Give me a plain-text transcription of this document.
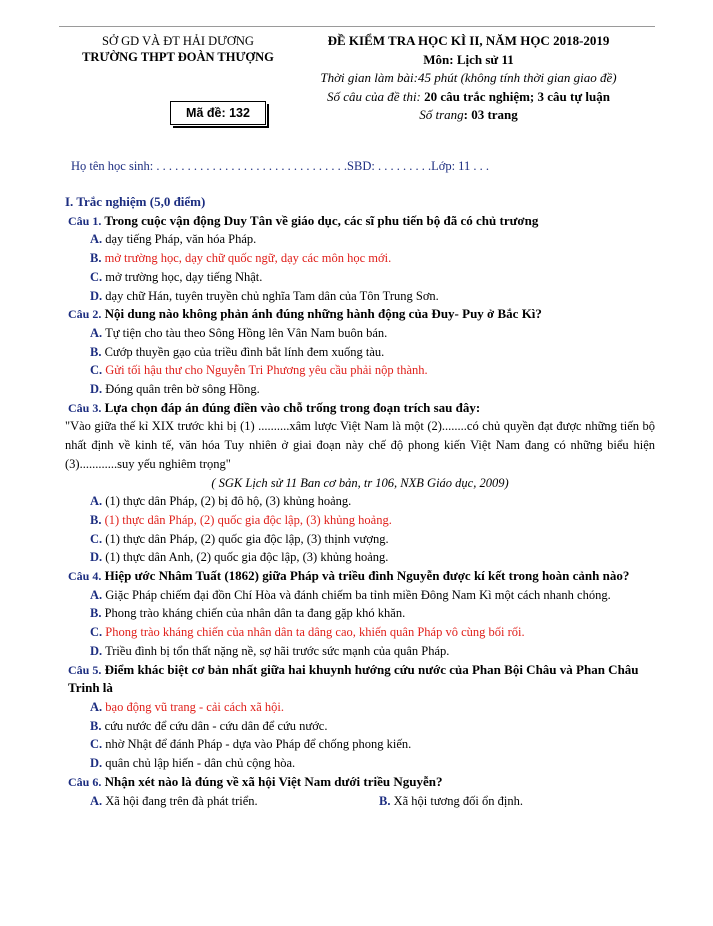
SỞ GD VÀ ĐT HẢI DƯƠNG
TRƯỜNG THPT ĐOÀN THƯỢNG
ĐỀ KIỂM TRA HỌC KÌ II, NĂM HỌC 2018-2019
Môn: Lịch sử 11
Thời gian làm bài:45 phút (không tính thời gian giao đề)
Số câu của đề thi: 20 câu trắc nghiệm; 3 câu tự luận
Số trang: 03 trang
Mã đề: 132
Họ tên học sinh: . . . . . . . . . . . . . . . . . . . . . . . . . . . . . . .SBD: . . . . . . . . .Lớp: 11 . . .
I. Trắc nghiệm (5,0 điểm)
Câu 1. Trong cuộc vận động Duy Tân về giáo dục, các sĩ phu tiến bộ đã có chủ trương
A. dạy tiếng Pháp, văn hóa Pháp.
B. mở trường học, dạy chữ quốc ngữ, dạy các môn học mới.
C. mở trường học, dạy tiếng Nhật.
D. dạy chữ Hán, tuyên truyền chủ nghĩa Tam dân của Tôn Trung Sơn.
Câu 2. Nội dung nào không phản ánh đúng những hành động của Đuy- Puy ở Bắc Kì?
A. Tự tiện cho tàu theo Sông Hồng lên Vân Nam buôn bán.
B. Cướp thuyền gạo của triều đình bắt lính đem xuống tàu.
C. Gửi tối hậu thư cho Nguyễn Tri Phương yêu cầu phải nộp thành.
D. Đóng quân trên bờ sông Hồng.
Câu 3. Lựa chọn đáp án đúng điền vào chỗ trống trong đoạn trích sau đây:
"Vào giữa thế kỉ XIX trước khi bị (1) ..........xâm lược Việt Nam là một (2)........có chủ quyền đạt được những tiến bộ nhất định về kinh tế, văn hóa Tuy nhiên ở giai đoạn này chế độ phong kiến Việt Nam đang có những biểu hiện (3)............suy yếu nghiêm trọng"
( SGK Lịch sử 11 Ban cơ bản, tr 106, NXB Giáo dục, 2009)
A. (1) thực dân Pháp, (2) bị đô hộ, (3) khủng hoảng.
B. (1) thực dân Pháp, (2) quốc gia độc lập, (3) khủng hoảng.
C. (1) thực dân Pháp, (2) quốc gia độc lập, (3) thịnh vượng.
D. (1) thực dân Anh, (2) quốc gia độc lập, (3) khủng hoảng.
Câu 4. Hiệp ước Nhâm Tuất (1862) giữa Pháp và triều đình Nguyễn được kí kết trong hoàn cảnh nào?
A. Giặc Pháp chiếm đại đồn Chí Hòa và đánh chiếm ba tỉnh miền Đông Nam Kì một cách nhanh chóng.
B. Phong trào kháng chiến của nhân dân ta đang gặp khó khăn.
C. Phong trào kháng chiến của nhân dân ta dâng cao, khiến quân Pháp vô cùng bối rối.
D. Triều đình bị tổn thất nặng nề, sợ hãi trước sức mạnh của quân Pháp.
Câu 5. Điểm khác biệt cơ bản nhất giữa hai khuynh hướng cứu nước của Phan Bội Châu và Phan Châu Trinh là
A. bạo động vũ trang - cải cách xã hội.
B. cứu nước để cứu dân - cứu dân để cứu nước.
C. nhờ Nhật để đánh Pháp - dựa vào Pháp để chống phong kiến.
D. quân chủ lập hiến - dân chủ cộng hòa.
Câu 6. Nhận xét nào là đúng về xã hội Việt Nam dưới triều Nguyễn?
A. Xã hội đang trên đà phát triển.	B. Xã hội tương đối ổn định.
